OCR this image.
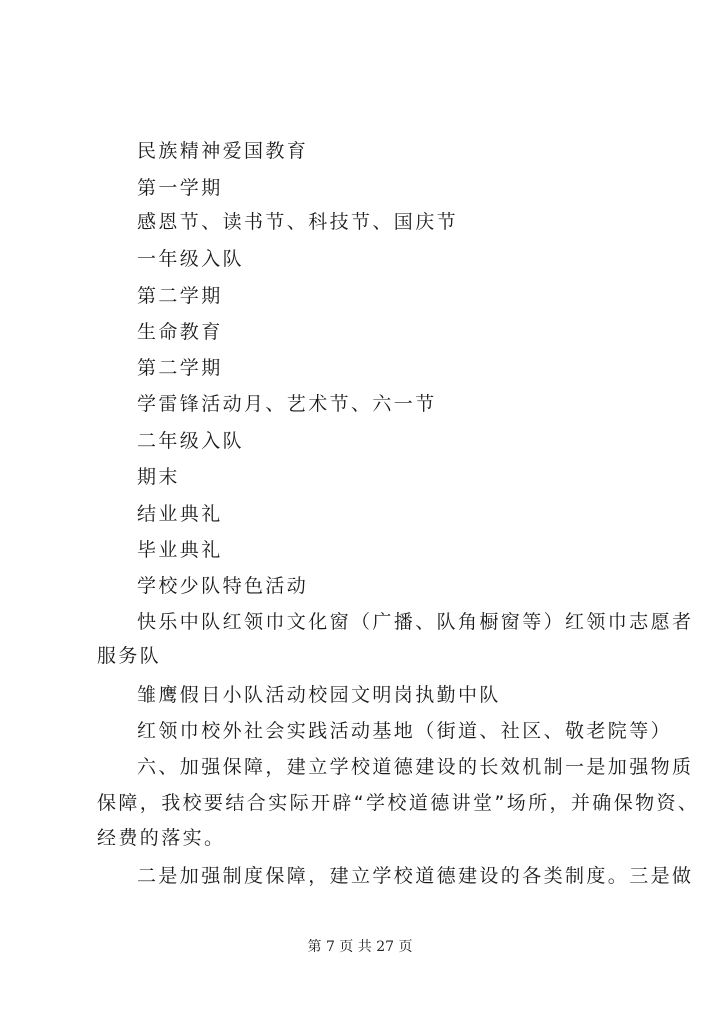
民族精神爱国教育
第一学期
感恩节、读书节、科技节、国庆节
一年级入队
第二学期
生命教育
第二学期
学雷锋活动月、艺术节、六一节
二年级入队
期末
结业典礼
毕业典礼
学校少队特色活动
快乐中队红领巾文化窗（广播、队角橱窗等）红领巾志愿者
服务队
雏鹰假日小队活动校园文明岗执勤中队
红领巾校外社会实践活动基地（街道、社区、敬老院等）
六、加强保障，建立学校道德建设的长效机制一是加强物质
保障，我校要结合实际开辟“学校道德讲堂”场所，并确保物资、
经费的落实。
二是加强制度保障，建立学校道德建设的各类制度。三是做
第 7 页 共 27 页
